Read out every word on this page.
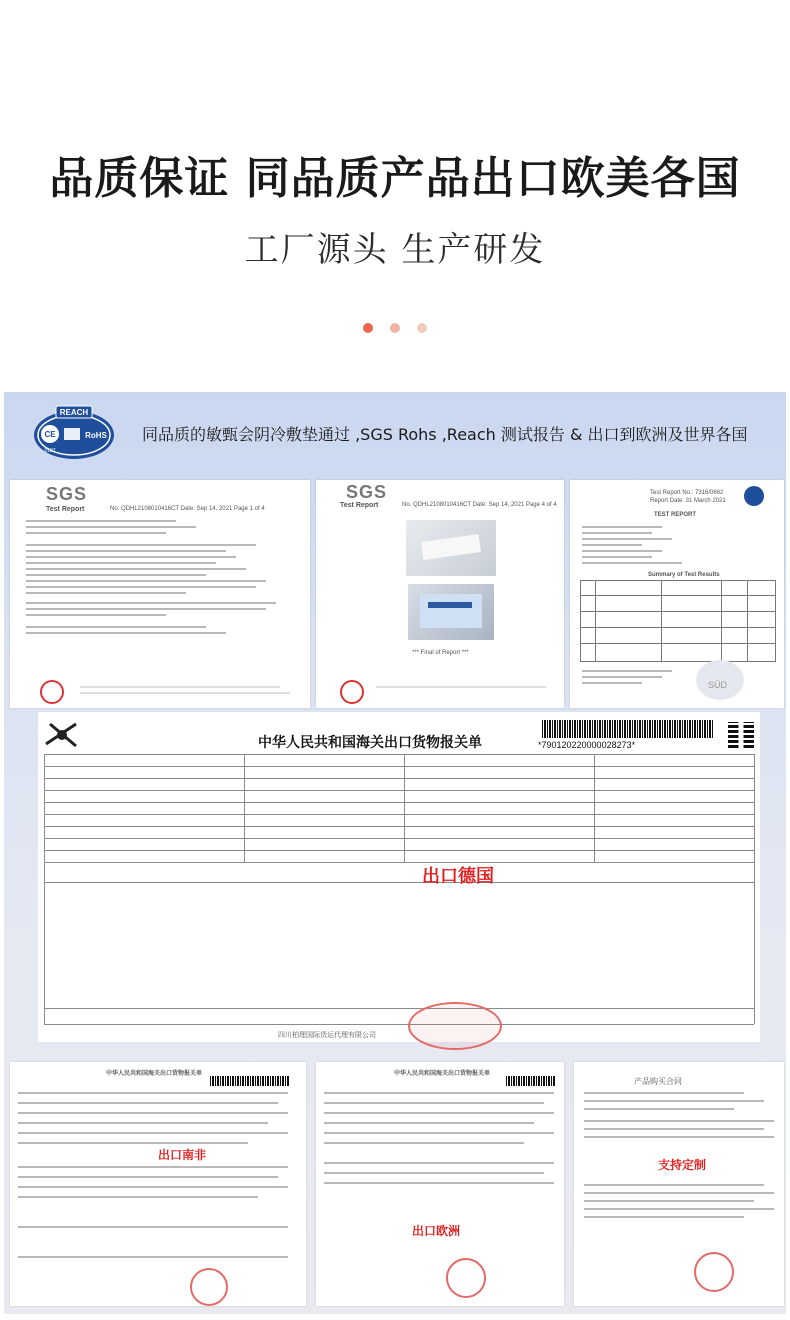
品质保证 同品质产品出口欧美各国
工厂源头 生产研发

REACH
CE	RoHS
0197
同品质的敏甄会阴冷敷垫通过 ,SGS Rohs ,Reach 测试报告 & 出口到欧洲及世界各国
SGS
Test Report	No. QDHL2108010416CT Date: Sep 14, 2021 Page 1 of 4
SGS
Test Report	No. QDHL2108010416CT Date: Sep 14, 2021 Page 4 of 4
*** Final of Report ***
Test Report No.: 7316/0662
Report Date: 31 March 2021
TEST REPORT
Summary of Test Results
SÜD
中华人民共和国海关出口货物报关单	*790120220000028273*
出口德国
四川柏理国际货运代理有限公司
中华人民共和国海关出口货物报关单
出口南非
中华人民共和国海关出口货物报关单
出口欧洲
产品购买合同
支持定制
